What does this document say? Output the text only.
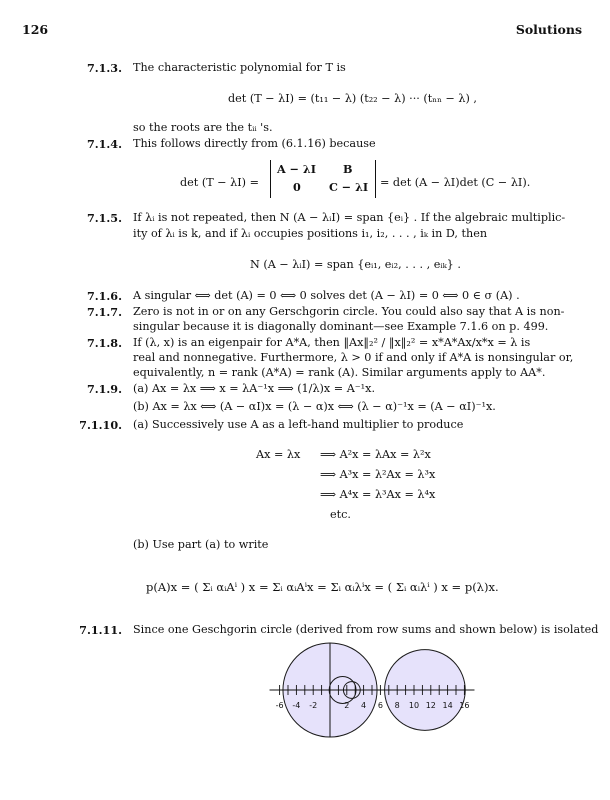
126	Solutions
7.1.3. The characteristic polynomial for T is
det (T − λI) = (t₁₁ − λ) (t₂₂ − λ) ··· (tₙₙ − λ) ,
so the roots are the tᵢᵢ 's.
7.1.4. This follows directly from (6.1.16) because
det (T − λI) =
A − λI B
0	C − λI = det (A − λI)det (C − λI).
7.1.5. If λᵢ is not repeated, then N (A − λᵢI) = span {eᵢ} . If the algebraic multiplic-
ity of λᵢ is k, and if λᵢ occupies positions i₁, i₂, . . . , iₖ in D, then
N (A − λᵢI) = span {eᵢ₁, eᵢ₂, . . . , eᵢₖ} .
7.1.6. A singular ⟺ det (A) = 0 ⟺ 0 solves det (A − λI) = 0 ⟺ 0 ∈ σ (A) .
7.1.7. Zero is not in or on any Gerschgorin circle. You could also say that A is non-
singular because it is diagonally dominant—see Example 7.1.6 on p. 499.
7.1.8. If (λ, x) is an eigenpair for A*A, then ‖Ax‖₂² / ‖x‖₂² = x*A*Ax/x*x = λ is
real and nonnegative. Furthermore, λ > 0 if and only if A*A is nonsingular or,
equivalently, n = rank (A*A) = rank (A). Similar arguments apply to AA*.
7.1.9. (a) Ax = λx ⟹ x = λA⁻¹x ⟹ (1/λ)x = A⁻¹x.
(b) Ax = λx ⟺ (A − αI)x = (λ − α)x ⟺ (λ − α)⁻¹x = (A − αI)⁻¹x.
7.1.10. (a) Successively use A as a left-hand multiplier to produce
Ax = λx ⟹ A²x = λAx = λ²x
⟹ A³x = λ²Ax = λ³x
⟹ A⁴x = λ³Ax = λ⁴x
etc.
(b) Use part (a) to write
p(A)x = ( Σᵢ αᵢAⁱ ) x = Σᵢ αᵢAⁱx = Σᵢ αᵢλⁱx = ( Σᵢ αᵢλⁱ ) x = p(λ)x.
7.1.11. Since one Geschgorin circle (derived from row sums and shown below) is isolated
-6 -4 -2	2 4 6 8 10 12 14 16
